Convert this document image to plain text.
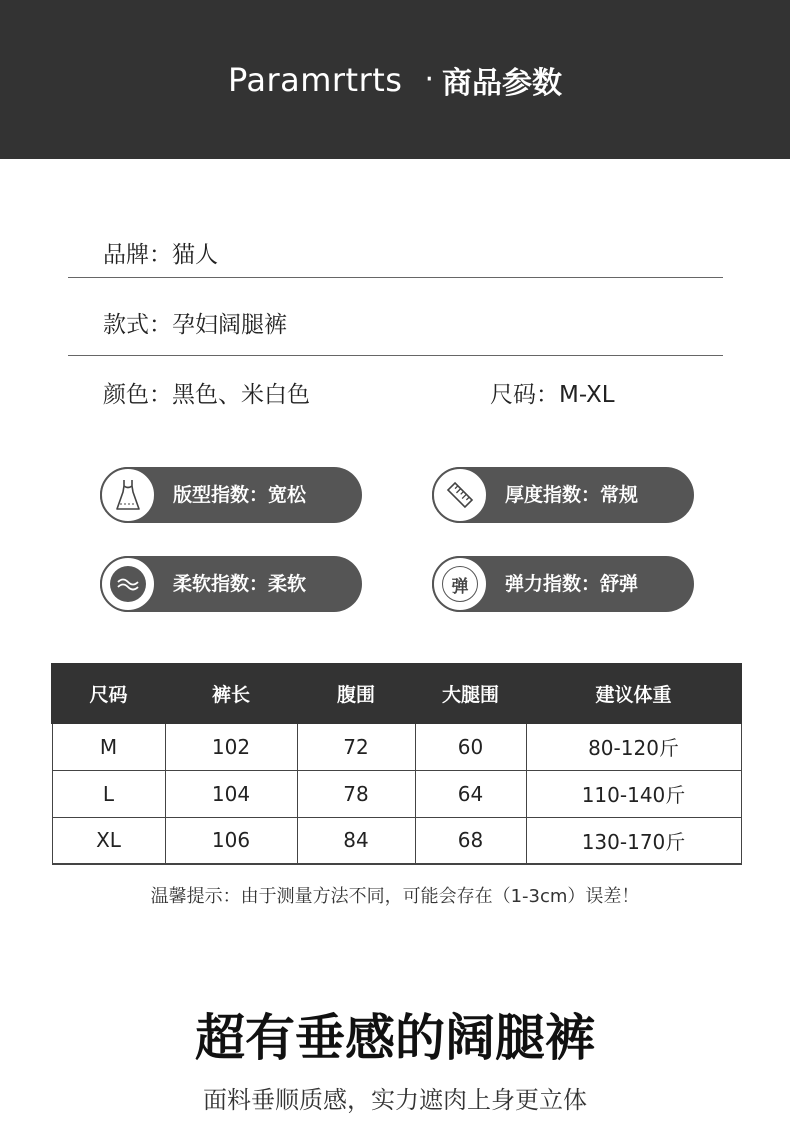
Paramrtrts · 商品参数
品牌：猫人
款式：孕妇阔腿裤
颜色：黑色、米白色	尺码：M-XL
版型指数：宽松	厚度指数：常规
柔软指数：柔软	弹	弹力指数：舒弹
尺码	裤长	腹围	大腿围	建议体重
M	102	72	60	80-120斤
L	104	78	64	110-140斤
XL	106	84	68	130-170斤
温馨提示：由于测量方法不同，可能会存在（1-3cm）误差！
超有垂感的阔腿裤
面料垂顺质感，实力遮肉上身更立体
